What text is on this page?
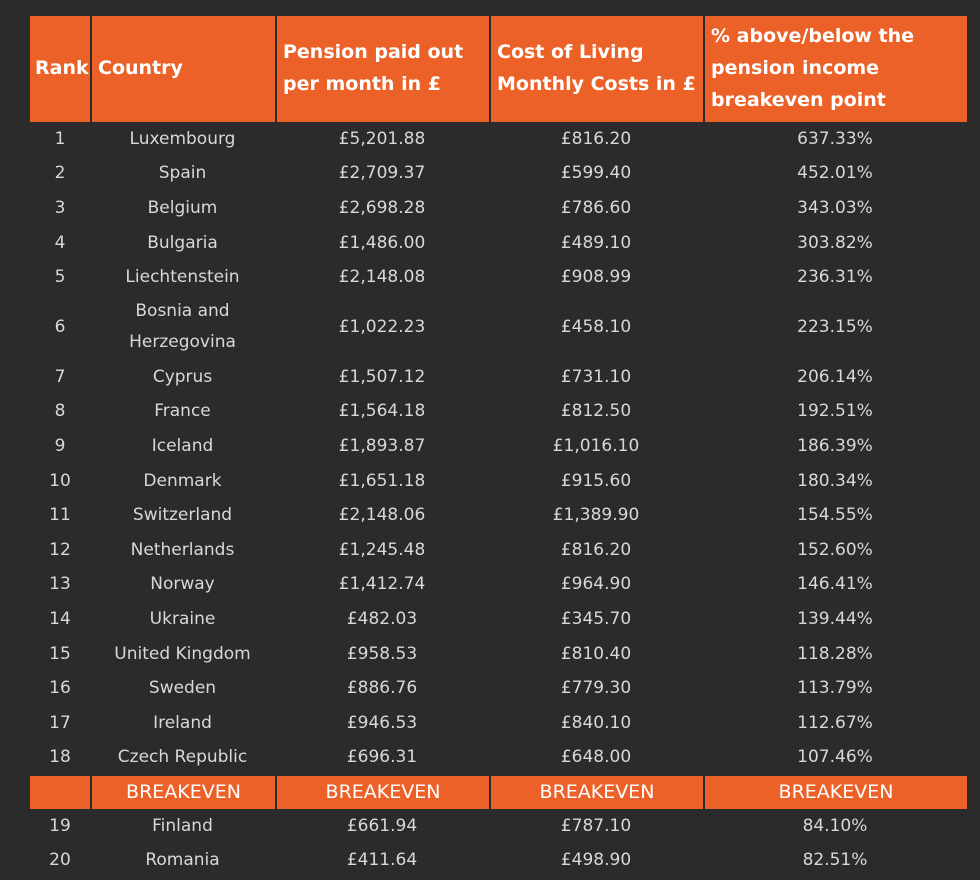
Rank	Country	Pension paid out per month in £	Cost of Living Monthly Costs in £	% above/below the pension income breakeven point
1	Luxembourg	£5,201.88	£816.20	637.33%
2	Spain	£2,709.37	£599.40	452.01%
3	Belgium	£2,698.28	£786.60	343.03%
4	Bulgaria	£1,486.00	£489.10	303.82%
5	Liechtenstein	£2,148.08	£908.99	236.31%
6	Bosnia and Herzegovina	£1,022.23	£458.10	223.15%
7	Cyprus	£1,507.12	£731.10	206.14%
8	France	£1,564.18	£812.50	192.51%
9	Iceland	£1,893.87	£1,016.10	186.39%
10	Denmark	£1,651.18	£915.60	180.34%
11	Switzerland	£2,148.06	£1,389.90	154.55%
12	Netherlands	£1,245.48	£816.20	152.60%
13	Norway	£1,412.74	£964.90	146.41%
14	Ukraine	£482.03	£345.70	139.44%
15	United Kingdom	£958.53	£810.40	118.28%
16	Sweden	£886.76	£779.30	113.79%
17	Ireland	£946.53	£840.10	112.67%
18	Czech Republic	£696.31	£648.00	107.46%
	BREAKEVEN	BREAKEVEN	BREAKEVEN	BREAKEVEN
19	Finland	£661.94	£787.10	84.10%
20	Romania	£411.64	£498.90	82.51%
